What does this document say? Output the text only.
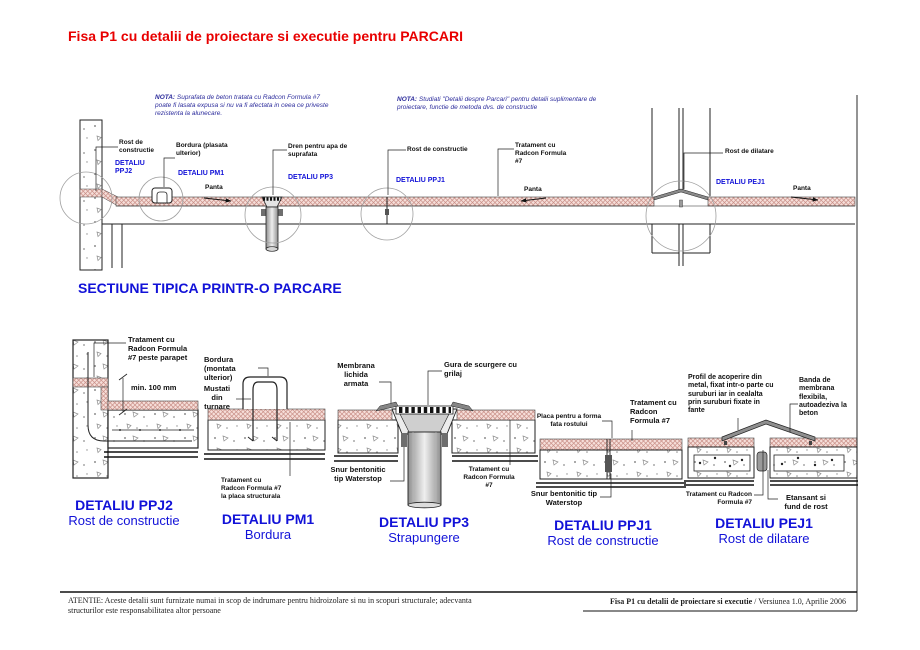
Fisa P1 cu detalii de proiectare si executie pentru PARCARI
NOTA: Suprafata de beton tratata cu Radcon Formula #7 poate fi lasata expusa si nu va fi afectata in ceea ce priveste rezistenta la alunecare.
NOTA: Studiati "Detalii despre Parcari" pentru detalii suplimentare de proiectare, functie de metoda dvs. de constructie
Rost de constructie
DETALIU PPJ2
Bordura (plasata ulterior)
DETALIU PM1
Dren pentru apa de suprafata
DETALIU PP3
Rost de constructie
DETALIU PPJ1
Tratament cu Radcon Formula #7
Rost de dilatare
DETALIU PEJ1
Panta	Panta	Panta
SECTIUNE TIPICA PRINTR-O PARCARE
Tratament cu Radcon Formula #7 peste parapet
min. 100 mm
DETALIU PPJ2
Rost de constructie
Bordura (montata ulterior)
Mustati din turnare
Tratament cu Radcon Formula #7 la placa structurala
DETALIU PM1
Bordura
Membrana lichida armata
Gura de scurgere cu grilaj
Snur bentonitic tip Waterstop
Tratament cu Radcon Formula #7
DETALIU PP3
Strapungere
Placa pentru a forma fata rostului
Tratament cu Radcon Formula #7
Snur bentonitic tip Waterstop
DETALIU PPJ1
Rost de constructie
Profil de acoperire din metal, fixat intr-o parte cu suruburi iar in cealalta prin suruburi fixate in fante
Banda de membrana flexibila, autoadeziva la beton
Tratament cu Radcon Formula #7
Etansant si fund de rost
DETALIU PEJ1
Rost de dilatare
ATENTIE: Aceste detalii sunt furnizate numai in scop de indrumare pentru hidroizolare si nu in scopuri structurale; adecvanta structurilor este responsabilitatea altor persoane
Fisa P1 cu detalii de proiectare si executie / Versiunea 1.0, Aprilie 2006
